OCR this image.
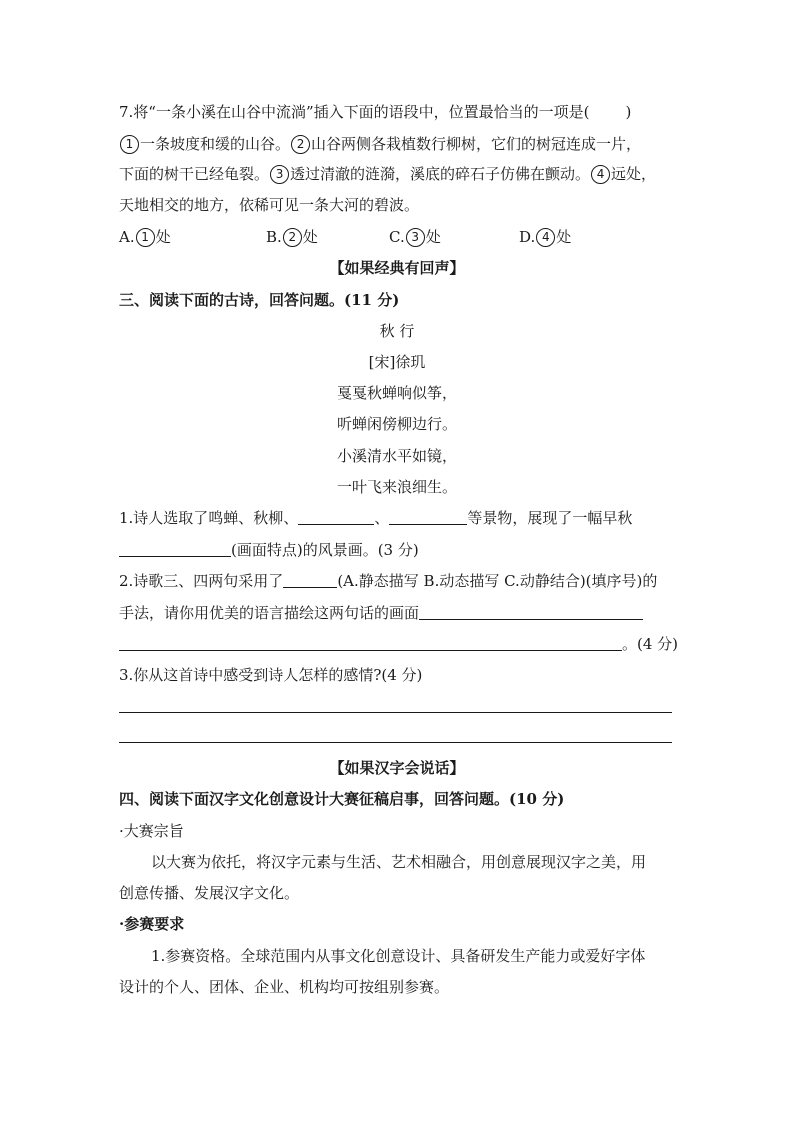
7.将“一条小溪在山谷中流淌”插入下面的语段中，位置最恰当的一项是( )
1 一条坡度和缓的山谷。 2 山谷两侧各栽植数行柳树，它们的树冠连成一片，
下面的树干已经龟裂。 3 透过清澈的涟漪，溪底的碎石子仿佛在颤动。 4 远处，
天地相交的地方，依稀可见一条大河的碧波。
A. 1 处	B. 2 处	C. 3 处	D. 4 处
【如果经典有回声】
三、阅读下面的古诗，回答问题。(11 分)
秋 行
[宋]徐玑
戛戛秋蝉响似筝，
听蝉闲傍柳边行。
小溪清水平如镜，
一叶飞来浪细生。
1.诗人选取了鸣蝉、秋柳、	、	等景物，展现了一幅早秋
(画面特点)的风景画。(3 分)
2.诗歌三、四两句采用了	(A.静态描写 B.动态描写 C.动静结合)(填序号)的
手法，请你用优美的语言描绘这两句话的画面
。(4 分)
3.你从这首诗中感受到诗人怎样的感情?(4 分)
【如果汉字会说话】
四、阅读下面汉字文化创意设计大赛征稿启事，回答问题。(10 分)
·大赛宗旨
以大赛为依托，将汉字元素与生活、艺术相融合，用创意展现汉字之美，用
创意传播、发展汉字文化。
·参赛要求
1.参赛资格。全球范围内从事文化创意设计、具备研发生产能力或爱好字体
设计的个人、团体、企业、机构均可按组别参赛。
